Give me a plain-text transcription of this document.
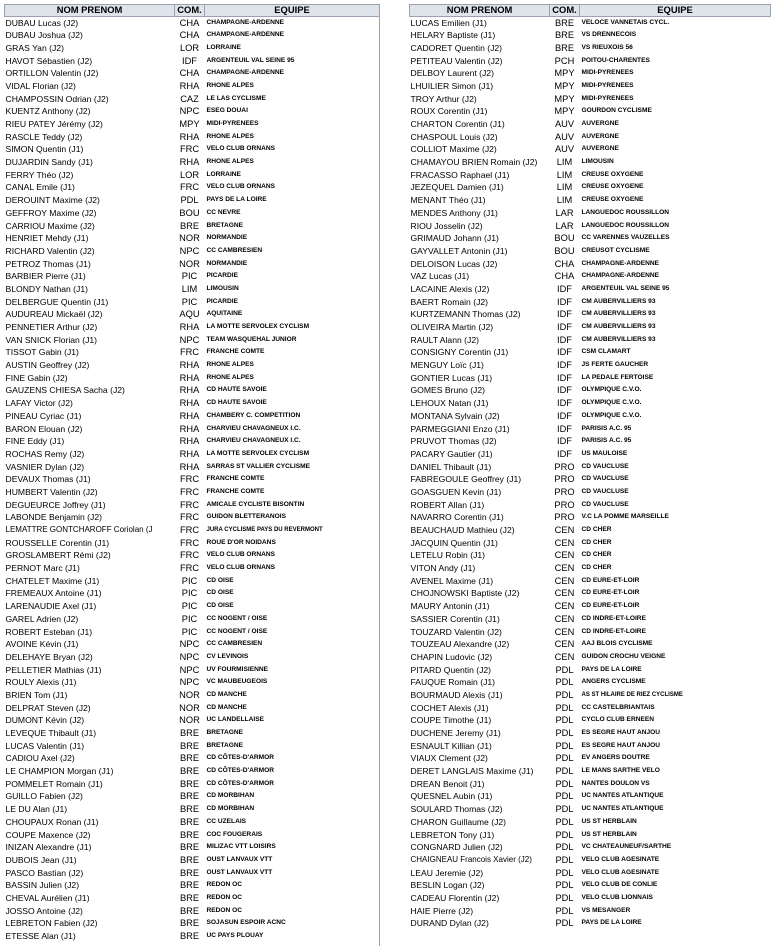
NOM PRENOM	COM.	EQUIPE
DUBAU Lucas (J2)	CHA	CHAMPAGNE-ARDENNE
DUBAU Joshua (J2)	CHA	CHAMPAGNE-ARDENNE
GRAS Yan (J2)	LOR	LORRAINE
HAVOT Sébastien (J2)	IDF	ARGENTEUIL VAL SEINE 95
ORTILLON Valentin (J2)	CHA	CHAMPAGNE-ARDENNE
VIDAL Florian (J2)	RHA	RHONE ALPES
CHAMPOSSIN Odrian (J2)	CAZ	LE LAS CYCLISME
KUENTZ Anthony (J2)	NPC	ESEG DOUAI
RIEU PATEY Jérémy (J2)	MPY	MIDI-PYRENEES
RASCLE Teddy (J2)	RHA	RHONE ALPES
SIMON Quentin (J1)	FRC	VELO CLUB ORNANS
DUJARDIN Sandy (J1)	RHA	RHONE ALPES
FERRY Théo (J2)	LOR	LORRAINE
CANAL Emile (J1)	FRC	VELO CLUB ORNANS
DEROUINT Maxime (J2)	PDL	PAYS DE LA LOIRE
GEFFROY Maxime (J2)	BOU	CC NEVRE
CARRIOU Maxime (J2)	BRE	BRETAGNE
HENRIET Mehdy (J1)	NOR	NORMANDIE
RICHARD Valentin (J2)	NPC	CC CAMBRESIEN
PETROZ Thomas (J1)	NOR	NORMANDIE
BARBIER Pierre (J1)	PIC	PICARDIE
BLONDY Nathan (J1)	LIM	LIMOUSIN
DELBERGUE Quentin (J1)	PIC	PICARDIE
AUDUREAU Mickaël (J2)	AQU	AQUITAINE
PENNETIER Arthur (J2)	RHA	LA MOTTE SERVOLEX CYCLISM
VAN SNICK Florian (J1)	NPC	TEAM WASQUEHAL JUNIOR
TISSOT Gabin (J1)	FRC	FRANCHE COMTE
AUSTIN Geoffrey (J2)	RHA	RHONE ALPES
FINE Gabin (J2)	RHA	RHONE ALPES
GAUZENS CHIESA Sacha (J2)	RHA	CD HAUTE SAVOIE
LAFAY Victor (J2)	RHA	CD HAUTE SAVOIE
PINEAU Cyriac (J1)	RHA	CHAMBERY C. COMPETITION
BARON Elouan (J2)	RHA	CHARVIEU CHAVAGNEUX I.C.
FINE Eddy (J1)	RHA	CHARVIEU CHAVAGNEUX I.C.
ROCHAS Remy (J2)	RHA	LA MOTTE SERVOLEX CYCLISM
VASNIER Dylan (J2)	RHA	SARRAS ST VALLIER CYCLISME
DEVAUX Thomas (J1)	FRC	FRANCHE COMTE
HUMBERT Valentin (J2)	FRC	FRANCHE COMTE
DEGUEURCE Joffrey (J1)	FRC	AMICALE CYCLISTE BISONTIN
LABONDE Benjamin (J2)	FRC	GUIDON BLETTERANOIS
LEMATTRE GONTCHAROFF Coriolan (J	FRC	JURA CYCLISME PAYS DU REVERMONT
ROUSSELLE Corentin (J1)	FRC	ROUE D'OR NOIDANS
GROSLAMBERT Rémi (J2)	FRC	VELO CLUB ORNANS
PERNOT Marc (J1)	FRC	VELO CLUB ORNANS
CHATELET Maxime (J1)	PIC	CD OISE
FREMEAUX Antoine (J1)	PIC	CD OISE
LARENAUDIE Axel (J1)	PIC	CD OISE
GAREL Adrien (J2)	PIC	CC NOGENT / OISE
ROBERT Esteban (J1)	PIC	CC NOGENT / OISE
AVOINE Kévin (J1)	NPC	CC CAMBRESIEN
DELEHAYE Bryan (J2)	NPC	CV LEVINOIS
PELLETIER Mathias (J1)	NPC	UV FOURMISIENNE
ROULY Alexis (J1)	NPC	VC MAUBEUGEOIS
BRIEN Tom (J1)	NOR	CD MANCHE
DELPRAT Steven (J2)	NOR	CD MANCHE
DUMONT Kévin (J2)	NOR	UC LANDELLAISE
LEVEQUE Thibault (J1)	BRE	BRETAGNE
LUCAS Valentin (J1)	BRE	BRETAGNE
CADIOU Axel (J2)	BRE	CD CÔTES-D'ARMOR
LE CHAMPION Morgan (J1)	BRE	CD CÔTES-D'ARMOR
POMMELET Romain (J1)	BRE	CD CÔTES-D'ARMOR
GUILLO Fabien (J2)	BRE	CD MORBIHAN
LE DU Alan (J1)	BRE	CD MORBIHAN
CHOUPAUX Ronan (J1)	BRE	CC UZELAIS
COUPE Maxence (J2)	BRE	COC FOUGERAIS
INIZAN Alexandre (J1)	BRE	MILIZAC VTT LOISIRS
DUBOIS Jean (J1)	BRE	OUST LANVAUX VTT
PASCO Bastian (J2)	BRE	OUST LANVAUX VTT
BASSIN Julien (J2)	BRE	REDON OC
CHEVAL Aurélien (J1)	BRE	REDON OC
JOSSO Antoine (J2)	BRE	REDON OC
LEBRETON Fabien (J2)	BRE	SOJASUN ESPOIR ACNC
ETESSE Alan (J1)	BRE	UC PAYS PLOUAY
NOM PRENOM	COM.	EQUIPE
LUCAS Emilien (J1)	BRE	VELOCE VANNETAIS CYCL.
HELARY Baptiste (J1)	BRE	VS DRENNECOIS
CADORET Quentin (J2)	BRE	VS RIEUXOIS 56
PETITEAU Valentin (J2)	PCH	POITOU-CHARENTES
DELBOY Laurent (J2)	MPY	MIDI-PYRENEES
LHUILIER Simon (J1)	MPY	MIDI-PYRENEES
TROY Arthur (J2)	MPY	MIDI-PYRENEES
ROUX Corentin (J1)	MPY	GOURDON CYCLISME
CHARTON Corentin (J1)	AUV	AUVERGNE
CHASPOUL Louis (J2)	AUV	AUVERGNE
COLLIOT Maxime (J2)	AUV	AUVERGNE
CHAMAYOU BRIEN Romain (J2)	LIM	LIMOUSIN
FRACASSO Raphael (J1)	LIM	CREUSE OXYGENE
JEZEQUEL Damien (J1)	LIM	CREUSE OXYGENE
MENANT Théo (J1)	LIM	CREUSE OXYGENE
MENDES Anthony (J1)	LAR	LANGUEDOC ROUSSILLON
RIOU Josselin (J2)	LAR	LANGUEDOC ROUSSILLON
GRIMAUD Johann (J1)	BOU	CC VARENNES VAUZELLES
GAYVALLET Antonin (J1)	BOU	CREUSOT CYCLISME
DELOISON Lucas (J2)	CHA	CHAMPAGNE-ARDENNE
VAZ Lucas (J1)	CHA	CHAMPAGNE-ARDENNE
LACAINE Alexis (J2)	IDF	ARGENTEUIL VAL SEINE 95
BAERT Romain (J2)	IDF	CM AUBERVILLIERS 93
KURTZEMANN Thomas (J2)	IDF	CM AUBERVILLIERS 93
OLIVEIRA Martin (J2)	IDF	CM AUBERVILLIERS 93
RAULT Alann (J2)	IDF	CM AUBERVILLIERS 93
CONSIGNY Corentin (J1)	IDF	CSM CLAMART
MENGUY Loïc (J1)	IDF	JS FERTE GAUCHER
GONTIER Lucas (J1)	IDF	LA PEDALE FERTOISE
GOMES Bruno (J2)	IDF	OLYMPIQUE C.V.O.
LEHOUX Natan (J1)	IDF	OLYMPIQUE C.V.O.
MONTANA Sylvain (J2)	IDF	OLYMPIQUE C.V.O.
PARMEGGIANI Enzo (J1)	IDF	PARISIS A.C. 95
PRUVOT Thomas (J2)	IDF	PARISIS A.C. 95
PACARY Gautier (J1)	IDF	US MAULOISE
DANIEL Thibault (J1)	PRO	CD VAUCLUSE
FABREGOULE Geoffrey (J1)	PRO	CD VAUCLUSE
GOASGUEN Kevin (J1)	PRO	CD VAUCLUSE
ROBERT Allan (J1)	PRO	CD VAUCLUSE
NAVARRO Corentin (J1)	PRO	V.C LA POMME MARSEILLE
BEAUCHAUD Mathieu (J2)	CEN	CD CHER
JACQUIN Quentin (J1)	CEN	CD CHER
LETELU Robin (J1)	CEN	CD CHER
VITON Andy (J1)	CEN	CD CHER
AVENEL Maxime (J1)	CEN	CD EURE-ET-LOIR
CHOJNOWSKI Baptiste (J2)	CEN	CD EURE-ET-LOIR
MAURY Antonin (J1)	CEN	CD EURE-ET-LOIR
SASSIER Corentin (J1)	CEN	CD INDRE-ET-LOIRE
TOUZARD Valentin (J2)	CEN	CD INDRE-ET-LOIRE
TOUZEAU Alexandre (J2)	CEN	AAJ BLOIS CYCLISME
CHAPIN Ludovic (J2)	CEN	GUIDON CROCHU VEIGNE
PITARD Quentin (J2)	PDL	PAYS DE LA LOIRE
FAUQUE Romain (J1)	PDL	ANGERS CYCLISME
BOURMAUD Alexis (J1)	PDL	AS ST HILAIRE DE RIEZ CYCLISME
COCHET Alexis (J1)	PDL	CC CASTELBRIANTAIS
COUPE Timothe (J1)	PDL	CYCLO CLUB ERNEEN
DUCHENE Jeremy (J1)	PDL	ES SEGRE HAUT ANJOU
ESNAULT Killian (J1)	PDL	ES SEGRE HAUT ANJOU
VIAUX Clement (J2)	PDL	EV ANGERS DOUTRE
DERET LANGLAIS Maxime (J1)	PDL	LE MANS SARTHE VELO
DREAN Benoit (J1)	PDL	NANTES DOULON VS
QUESNEL Aubin (J1)	PDL	UC NANTES ATLANTIQUE
SOULARD Thomas (J2)	PDL	UC NANTES ATLANTIQUE
CHARON Guillaume (J2)	PDL	US ST HERBLAIN
LEBRETON Tony (J1)	PDL	US ST HERBLAIN
CONGNARD Julien (J2)	PDL	VC CHATEAUNEUF/SARTHE
CHAIGNEAU Francois Xavier (J2)	PDL	VELO CLUB AGESINATE
LEAU Jeremie (J2)	PDL	VELO CLUB AGESINATE
BESLIN Logan (J2)	PDL	VELO CLUB DE CONLIE
CADEAU Florentin (J2)	PDL	VELO CLUB LIONNAIS
HAIE Pierre (J2)	PDL	VS MESANGER
DURAND Dylan (J2)	PDL	PAYS DE LA LOIRE
